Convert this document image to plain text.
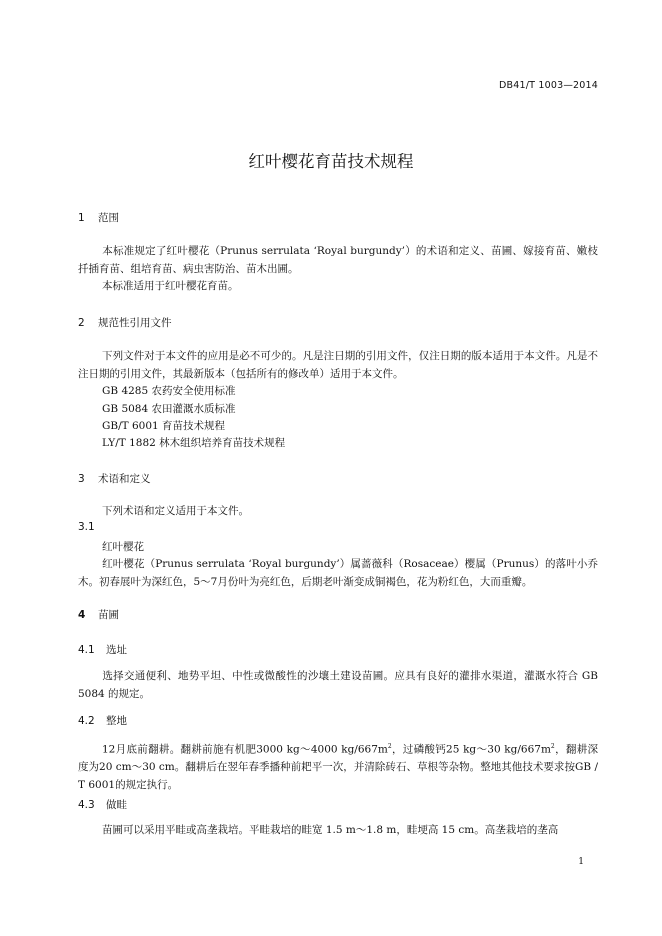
DB41/T 1003—2014
红叶樱花育苗技术规程
1 范围
本标准规定了红叶樱花（Prunus serrulata ‘Royal burgundy’）的术语和定义、苗圃、嫁接育苗、嫩枝扦插育苗、组培育苗、病虫害防治、苗木出圃。
本标准适用于红叶樱花育苗。
2 规范性引用文件
下列文件对于本文件的应用是必不可少的。凡是注日期的引用文件，仅注日期的版本适用于本文件。凡是不注日期的引用文件，其最新版本（包括所有的修改单）适用于本文件。
GB 4285 农药安全使用标准
GB 5084 农田灌溉水质标准
GB/T 6001 育苗技术规程
LY/T 1882 林木组织培养育苗技术规程
3 术语和定义
下列术语和定义适用于本文件。
3.1
红叶樱花
红叶樱花（Prunus serrulata ‘Royal burgundy’）属蔷薇科（Rosaceae）樱属（Prunus）的落叶小乔木。初春展叶为深红色，5～7月份叶为亮红色，后期老叶渐变成铜褐色，花为粉红色，大而重瓣。
4 苗圃
4.1 选址
选择交通便利、地势平坦、中性或微酸性的沙壤土建设苗圃。应具有良好的灌排水渠道，灌溉水符合 GB 5084 的规定。
4.2 整地
12月底前翻耕。翻耕前施有机肥3000 kg～4000 $kg/667m^2$，过磷酸钙25 kg～30 $kg/667m^2$，翻耕深度为20 cm～30 cm。翻耕后在翌年春季播种前耙平一次，并清除砖石、草根等杂物。整地其他技术要求按GB / T 6001的规定执行。
4.3 做畦
苗圃可以采用平畦或高垄栽培。平畦栽培的畦宽 1.5 m～1.8 m，畦埂高 15 cm。高垄栽培的垄高
1
